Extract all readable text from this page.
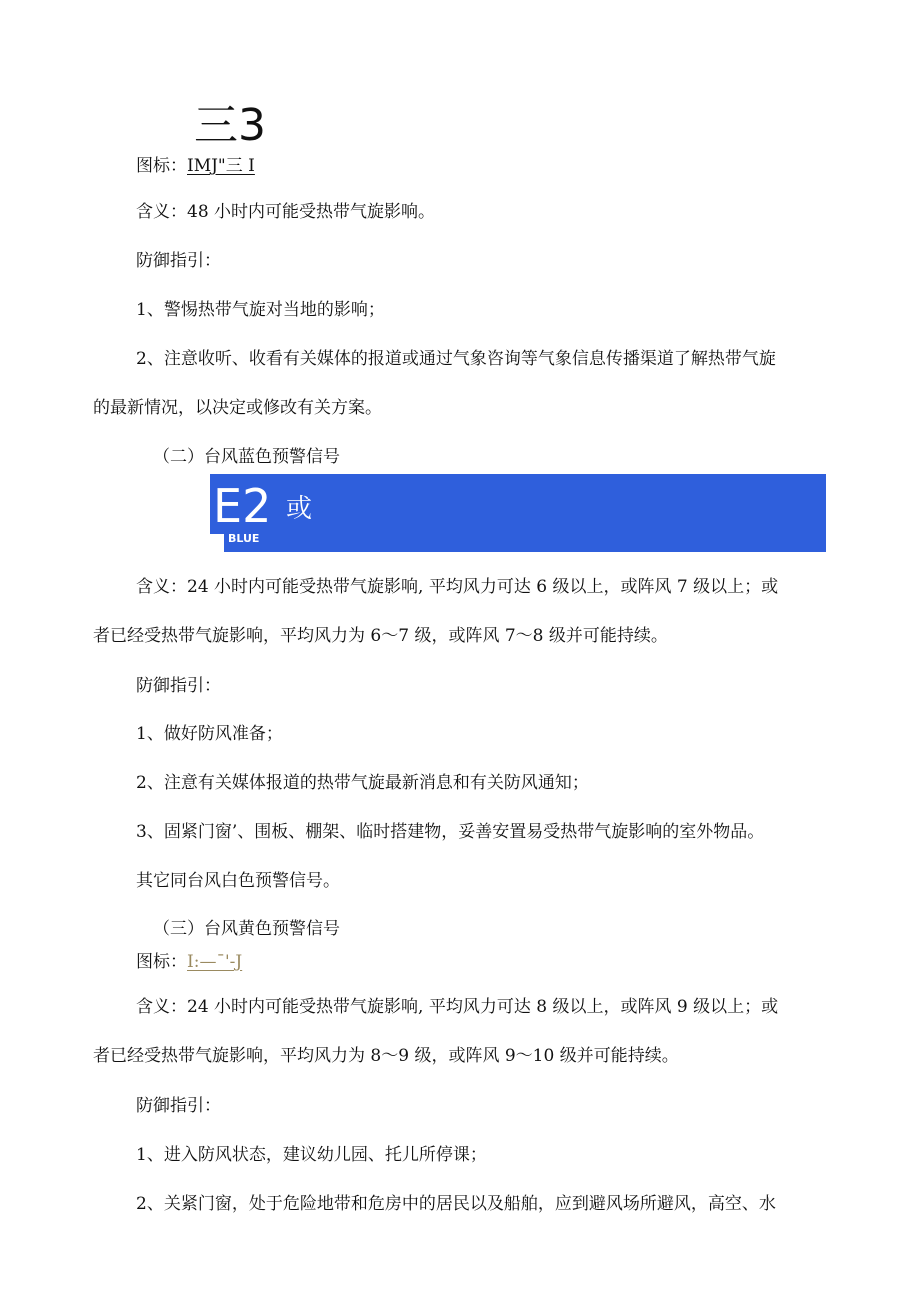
三3
图标：IMJ"三 I
含义：48 小时内可能受热带气旋影响。
防御指引：
1、警惕热带气旋对当地的影响；
2、注意收听、收看有关媒体的报道或通过气象咨询等气象信息传播渠道了解热带气旋
的最新情况，以决定或修改有关方案。
（二）台风蓝色预警信号
E2 或
BLUE
含义：24 小时内可能受热带气旋影响, 平均风力可达 6 级以上，或阵风 7 级以上；或
者已经受热带气旋影响，平均风力为 6～7 级，或阵风 7～8 级并可能持续。
防御指引：
1、做好防风准备；
2、注意有关媒体报道的热带气旋最新消息和有关防风通知；
3、固紧门窗’、围板、棚架、临时搭建物，妥善安置易受热带气旋影响的室外物品。
其它同台风白色预警信号。
（三）台风黄色预警信号
图标：I:—ˉ'-J
含义：24 小时内可能受热带气旋影响, 平均风力可达 8 级以上，或阵风 9 级以上；或
者已经受热带气旋影响，平均风力为 8～9 级，或阵风 9～10 级并可能持续。
防御指引：
1、进入防风状态，建议幼儿园、托儿所停课；
2、关紧门窗，处于危险地带和危房中的居民以及船舶，应到避风场所避风，高空、水
